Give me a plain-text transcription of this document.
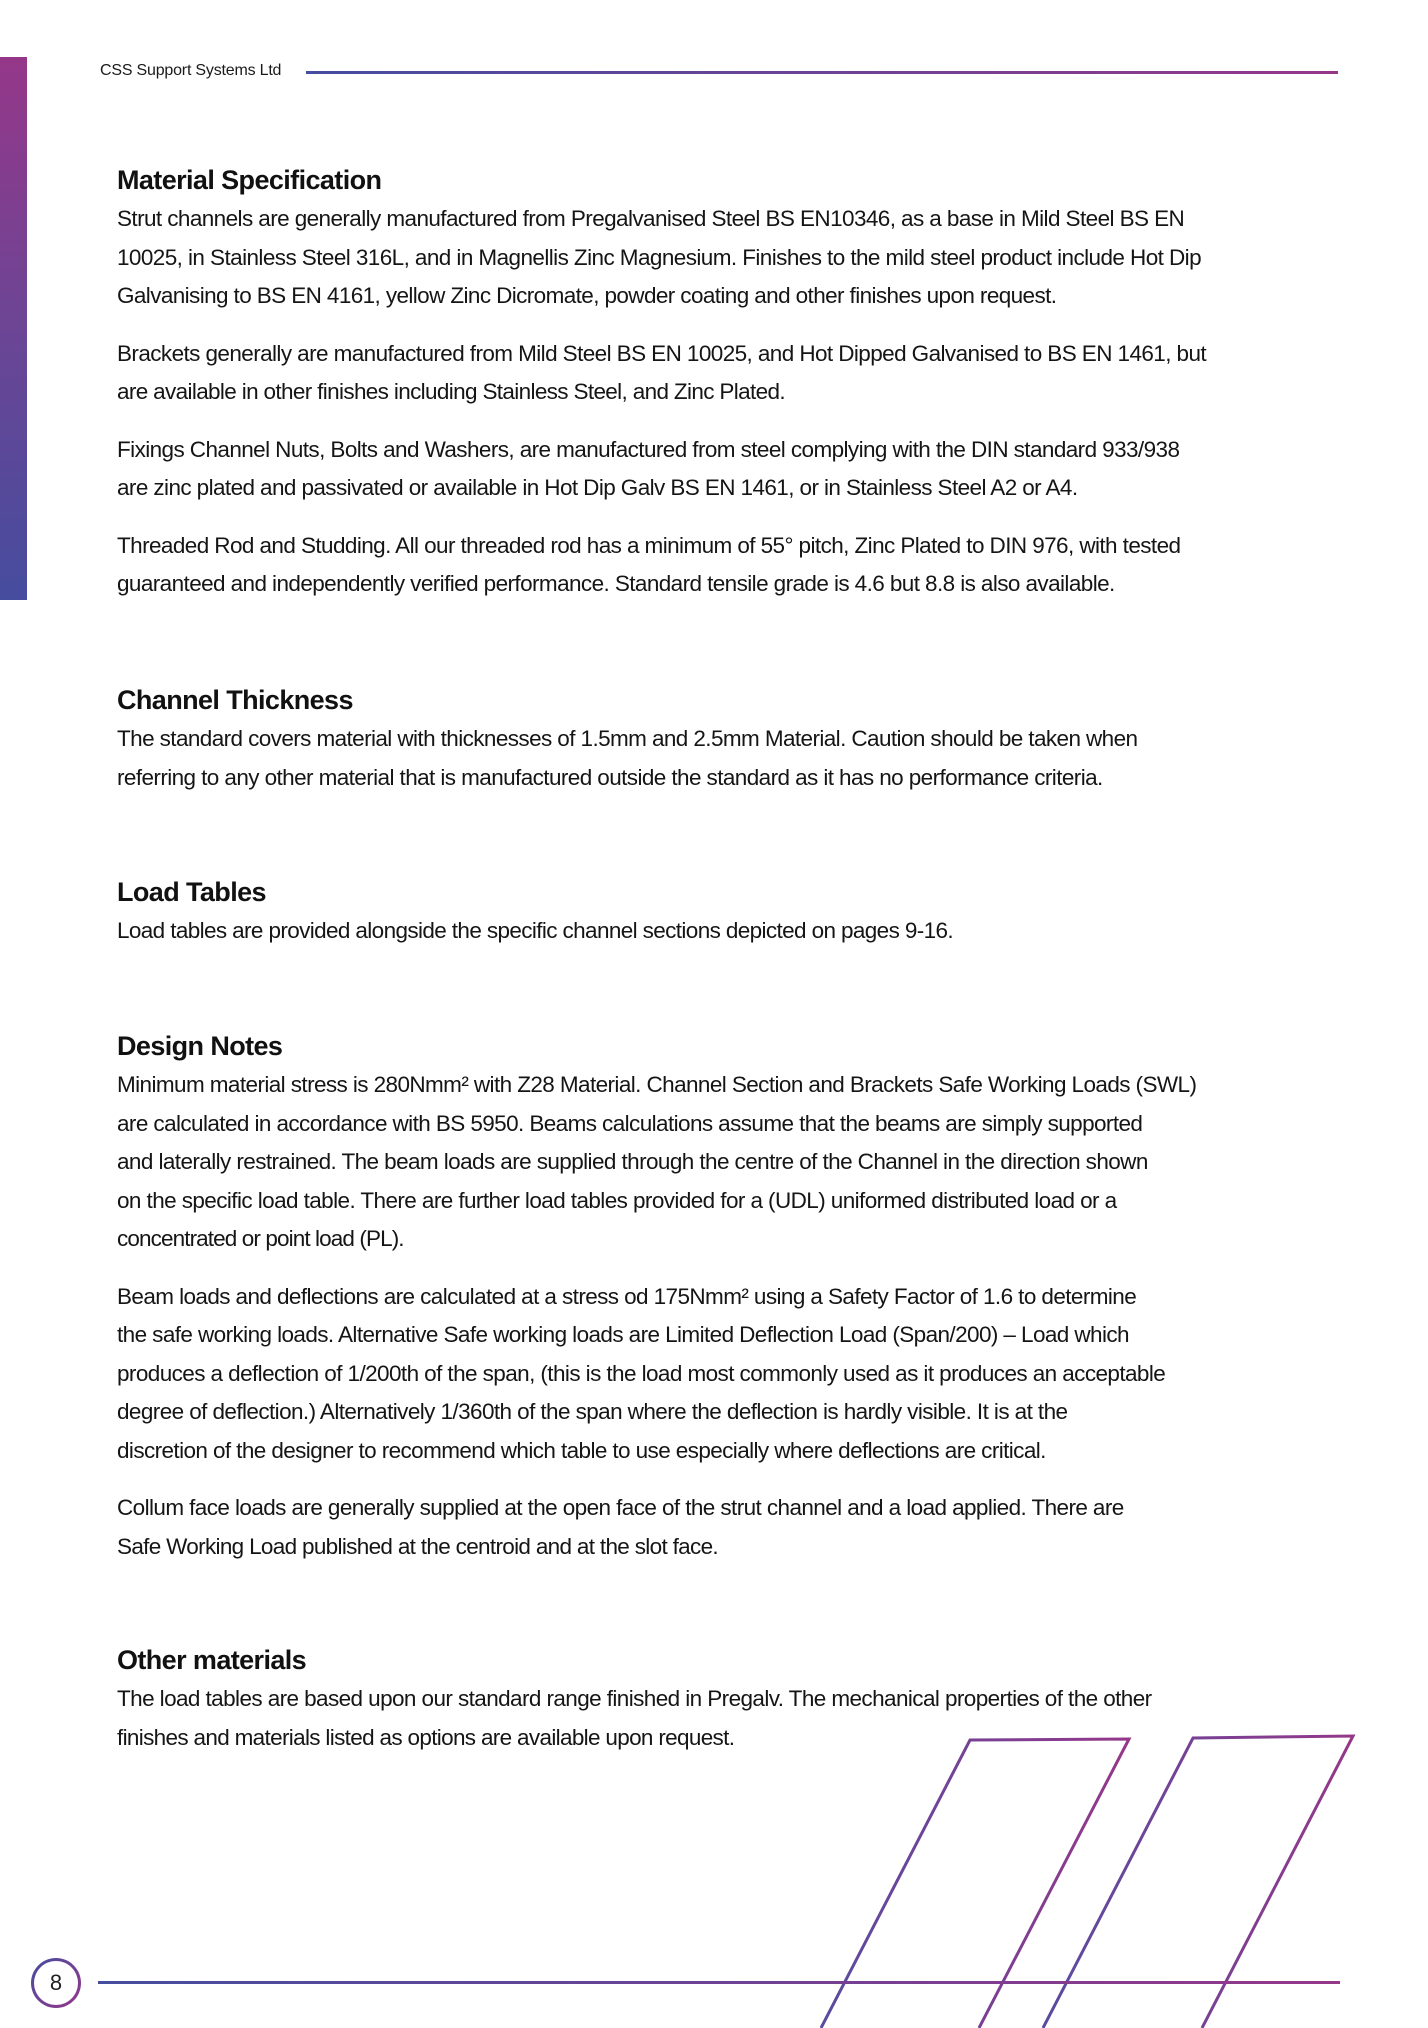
CSS Support Systems Ltd
Material Specification
Strut channels are generally manufactured from Pregalvanised Steel BS EN10346, as a base in Mild Steel BS EN
10025, in Stainless Steel 316L, and in Magnellis Zinc Magnesium. Finishes to the mild steel product include Hot Dip
Galvanising to BS EN 4161, yellow Zinc Dicromate, powder coating and other finishes upon request.
Brackets generally are manufactured from Mild Steel BS EN 10025, and Hot Dipped Galvanised to BS EN 1461, but
are available in other finishes including Stainless Steel, and Zinc Plated.
Fixings Channel Nuts, Bolts and Washers, are manufactured from steel complying with the DIN standard 933/938
are zinc plated and passivated or available in Hot Dip Galv BS EN 1461, or in Stainless Steel A2 or A4.
Threaded Rod and Studding. All our threaded rod has a minimum of 55° pitch, Zinc Plated to DIN 976, with tested
guaranteed and independently verified performance. Standard tensile grade is 4.6 but 8.8 is also available.
Channel Thickness
The standard covers material with thicknesses of 1.5mm and 2.5mm Material. Caution should be taken when
referring to any other material that is manufactured outside the standard as it has no performance criteria.
Load Tables
Load tables are provided alongside the specific channel sections depicted on pages 9-16.
Design Notes
Minimum material stress is 280Nmm² with Z28 Material. Channel Section and Brackets Safe Working Loads (SWL)
are calculated in accordance with BS 5950. Beams calculations assume that the beams are simply supported
and laterally restrained. The beam loads are supplied through the centre of the Channel in the direction shown
on the specific load table. There are further load tables provided for a (UDL) uniformed distributed load or a
concentrated or point load (PL).
Beam loads and deflections are calculated at a stress od 175Nmm² using a Safety Factor of 1.6 to determine
the safe working loads. Alternative Safe working loads are Limited Deflection Load (Span/200) – Load which
produces a deflection of 1/200th of the span, (this is the load most commonly used as it produces an acceptable
degree of deflection.) Alternatively 1/360th of the span where the deflection is hardly visible. It is at the
discretion of the designer to recommend which table to use especially where deflections are critical.
Collum face loads are generally supplied at the open face of the strut channel and a load applied. There are
Safe Working Load published at the centroid and at the slot face.
Other materials
The load tables are based upon our standard range finished in Pregalv. The mechanical properties of the other
finishes and materials listed as options are available upon request.
8
